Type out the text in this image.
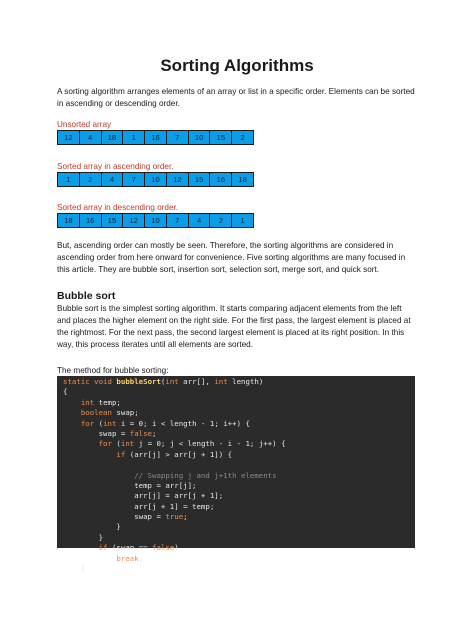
Sorting Algorithms
A sorting algorithm arranges elements of an array or list in a specific order. Elements can be sorted in ascending or descending order.
Unsorted array
12	4	18	1	16	7	10	15	2
Sorted array in ascending order.
1	2	4	7	10	12	15	16	18
Sorted array in descending order.
18	16	15	12	10	7	4	2	1
But, ascending order can mostly be seen. Therefore, the sorting algorithms are considered in ascending order from here onward for convenience. Five sorting algorithms are many focused in this article. They are bubble sort, insertion sort, selection sort, merge sort, and quick sort.
Bubble sort
Bubble sort is the simplest sorting algorithm. It starts comparing adjacent elements from the left and places the higher element on the right side. For the first pass, the largest element is placed at the rightmost. For the next pass, the second largest element is placed at its right position. In this way, this process iterates until all elements are sorted.
The method for bubble sorting:
static void bubbleSort(int arr[], int length)
{
int temp;
boolean swap;
for (int i = 0; i < length - 1; i++) {
swap = false;
for (int j = 0; j < length - i - 1; j++) {
if (arr[j] > arr[j + 1]) {
// Swapping j and j+1th elements
temp = arr[j];
arr[j] = arr[j + 1];
arr[j + 1] = temp;
swap = true;
}
}
if (swap == false)
break;
}
